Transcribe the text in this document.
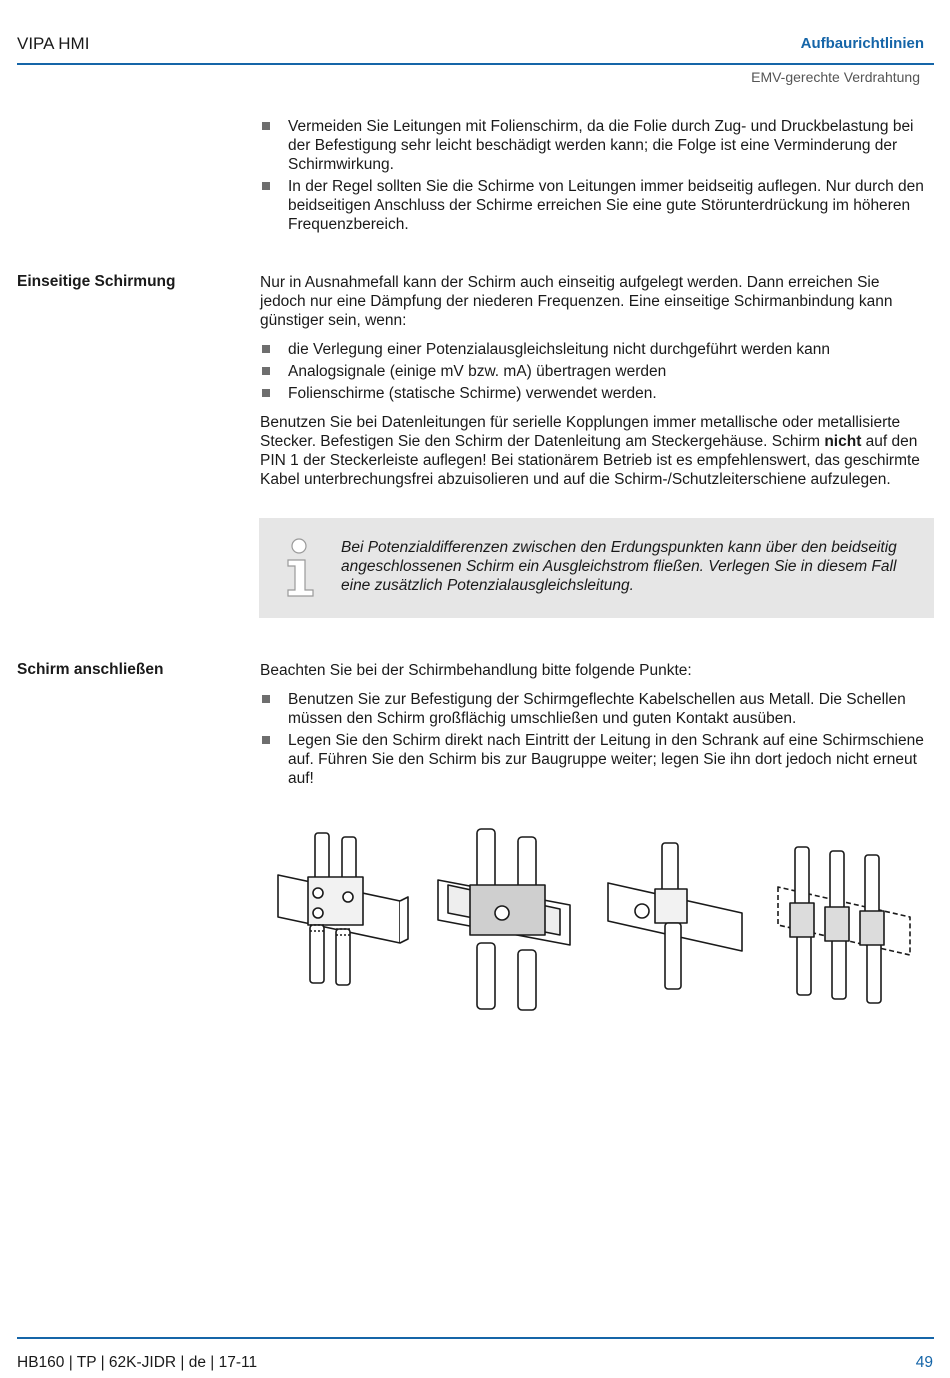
VIPA HMI	Aufbaurichtlinien
EMV-gerechte Verdrahtung
Vermeiden Sie Leitungen mit Folienschirm, da die Folie durch Zug- und Druckbelastung bei der Befestigung sehr leicht beschädigt werden kann; die Folge ist eine Verminderung der Schirmwirkung.
In der Regel sollten Sie die Schirme von Leitungen immer beidseitig auflegen. Nur durch den beidseitigen Anschluss der Schirme erreichen Sie eine gute Störunterdrückung im höheren Frequenzbereich.
Einseitige Schirmung	Nur in Ausnahmefall kann der Schirm auch einseitig aufgelegt werden. Dann erreichen Sie jedoch nur eine Dämpfung der niederen Frequenzen. Eine einseitige Schirmanbindung kann günstiger sein, wenn:

die Verlegung einer Potenzialausgleichsleitung nicht durchgeführt werden kann
Analogsignale (einige mV bzw. mA) übertragen werden
Folienschirme (statische Schirme) verwendet werden.

Benutzen Sie bei Datenleitungen für serielle Kopplungen immer metallische oder metallisierte Stecker. Befestigen Sie den Schirm der Datenleitung am Steckergehäuse. Schirm nicht auf den PIN 1 der Steckerleiste auflegen! Bei stationärem Betrieb ist es empfehlenswert, das geschirmte Kabel unterbrechungsfrei abzuisolieren und auf die Schirm-/Schutzleiterschiene aufzulegen.

Bei Potenzialdifferenzen zwischen den Erdungspunkten kann über den beidseitig angeschlossenen Schirm ein Ausgleichstrom fließen. Verlegen Sie in diesem Fall eine zusätzlich Potenzialausgleichsleitung.
Schirm anschließen	Beachten Sie bei der Schirmbehandlung bitte folgende Punkte:

Benutzen Sie zur Befestigung der Schirmgeflechte Kabelschellen aus Metall. Die Schellen müssen den Schirm großflächig umschließen und guten Kontakt ausüben.
Legen Sie den Schirm direkt nach Eintritt der Leitung in den Schrank auf eine Schirmschiene auf. Führen Sie den Schirm bis zur Baugruppe weiter; legen Sie ihn dort jedoch nicht erneut auf!
HB160 | TP | 62K-JIDR | de | 17-11	49
